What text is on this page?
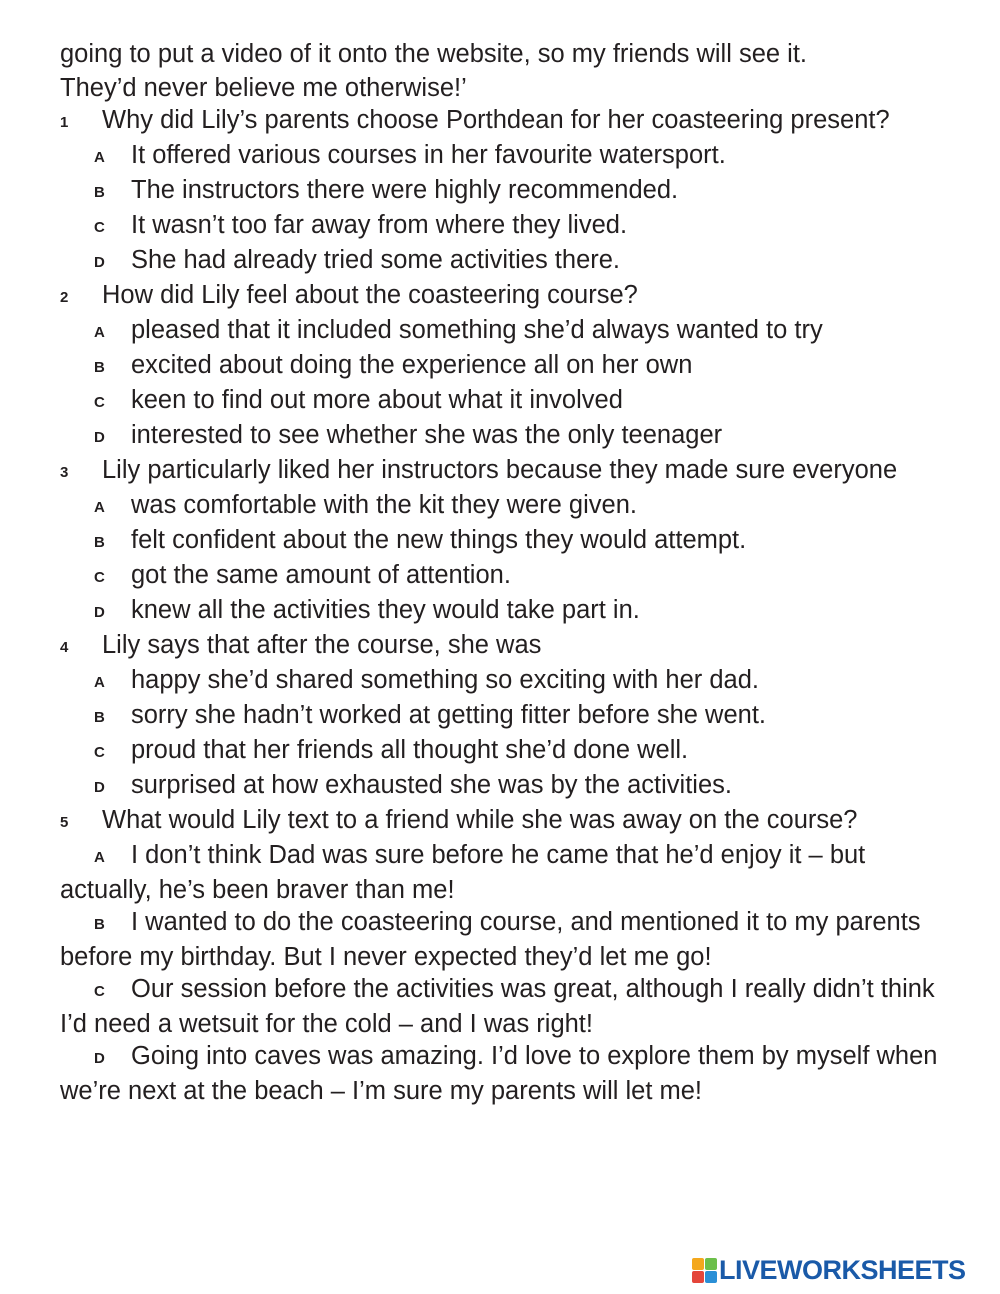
going to put a video of it onto the website, so my friends will see it.

They’d never believe me otherwise!’

1 Why did Lily’s parents choose Porthdean for her coasteering present?

A It offered various courses in her favourite watersport.

B The instructors there were highly recommended.

C It wasn’t too far away from where they lived.

D She had already tried some activities there.

2 How did Lily feel about the coasteering course?

A pleased that it included something she’d always wanted to try

B excited about doing the experience all on her own

C keen to find out more about what it involved

D interested to see whether she was the only teenager

3 Lily particularly liked her instructors because they made sure everyone

A was comfortable with the kit they were given.

B felt confident about the new things they would attempt.

C got the same amount of attention.

D knew all the activities they would take part in.

4 Lily says that after the course, she was

A happy she’d shared something so exciting with her dad.

B sorry she hadn’t worked at getting fitter before she went.

C proud that her friends all thought she’d done well.

D surprised at how exhausted she was by the activities.

5 What would Lily text to a friend while she was away on the course?

A I don’t think Dad was sure before he came that he’d enjoy it – but actually, he’s been braver than me!

B I wanted to do the coasteering course, and mentioned it to my parents before my birthday. But I never expected they’d let me go!

C Our session before the activities was great, although I really didn’t think I’d need a wetsuit for the cold – and I was right!

D Going into caves was amazing. I’d love to explore them by myself when we’re next at the beach – I’m sure my parents will let me!

LIVEWORKSHEETS
